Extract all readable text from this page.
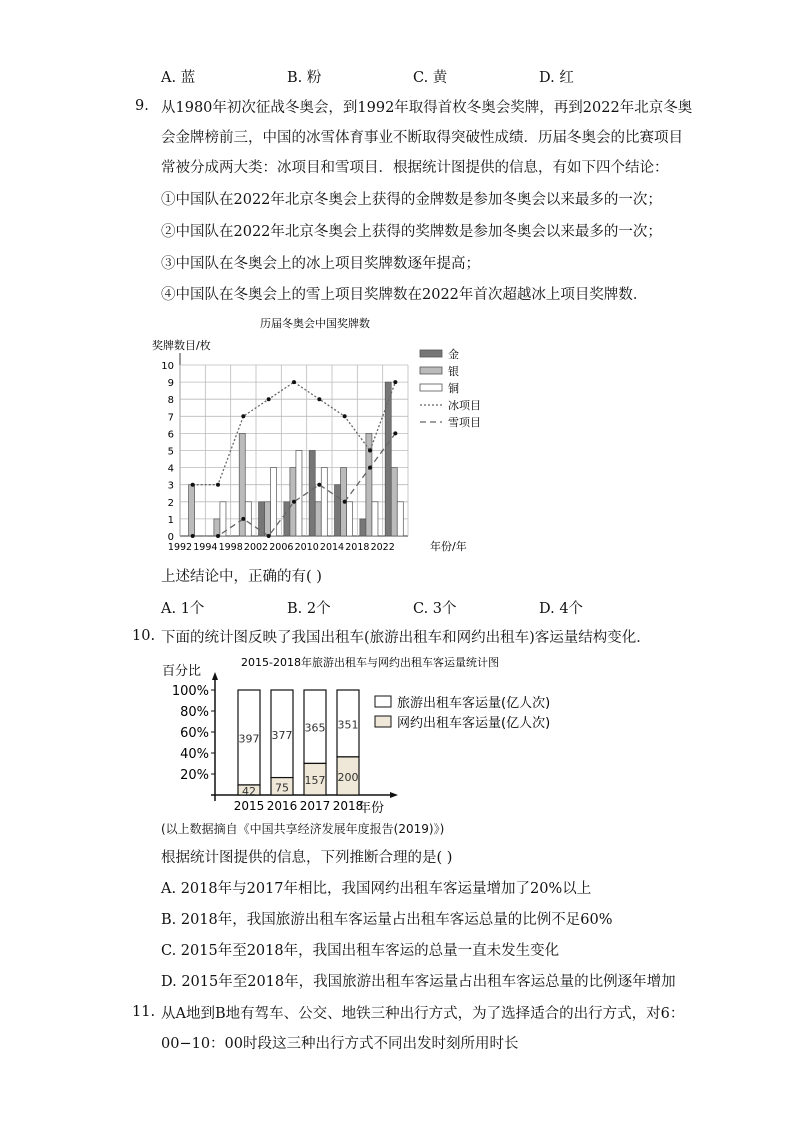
A. 蓝	B. 粉	C. 黄	D. 红
9. 从1980年初次征战冬奥会，到1992年取得首枚冬奥会奖牌，再到2022年北京冬奥
会金牌榜前三，中国的冰雪体育事业不断取得突破性成绩．历届冬奥会的比赛项目
常被分成两大类：冰项目和雪项目．根据统计图提供的信息，有如下四个结论：
①中国队在2022年北京冬奥会上获得的金牌数是参加冬奥会以来最多的一次；
②中国队在2022年北京冬奥会上获得的奖牌数是参加冬奥会以来最多的一次；
③中国队在冬奥会上的冰上项目奖牌数逐年提高；
④中国队在冬奥会上的雪上项目奖牌数在2022年首次超越冰上项目奖牌数．
历届冬奥会中国奖牌数
奖牌数目/枚
年份/年
0
1
2
3
4
5
6
7
8
9
10
1992 1994 1998 2002 2006 2010 2014 2018 2022
金
银
铜
冰项目
雪项目
上述结论中，正确的有( )
A. 1个	B. 2个	C. 3个	D. 4个
10. 下面的统计图反映了我国出租车(旅游出租车和网约出租车)客运量结构变化．
2015-2018年旅游出租车与网约出租车客运量统计图
百分比
年份
20%
40%
60%
80%
100%
397
42
2015
377
75
2016
365
157
2017
351
200
2018
旅游出租车客运量(亿人次)
网约出租车客运量(亿人次)
(以上数据摘自《中国共享经济发展年度报告(2019)》)
根据统计图提供的信息，下列推断合理的是( )
A. 2018年与2017年相比，我国网约出租车客运量增加了20%以上
B. 2018年，我国旅游出租车客运量占出租车客运总量的比例不足60%
C. 2015年至2018年，我国出租车客运的总量一直未发生变化
D. 2015年至2018年，我国旅游出租车客运量占出租车客运总量的比例逐年增加
11. 从A地到B地有驾车、公交、地铁三种出行方式，为了选择适合的出行方式，对6：
00−10：00时段这三种出行方式不同出发时刻所用时长
